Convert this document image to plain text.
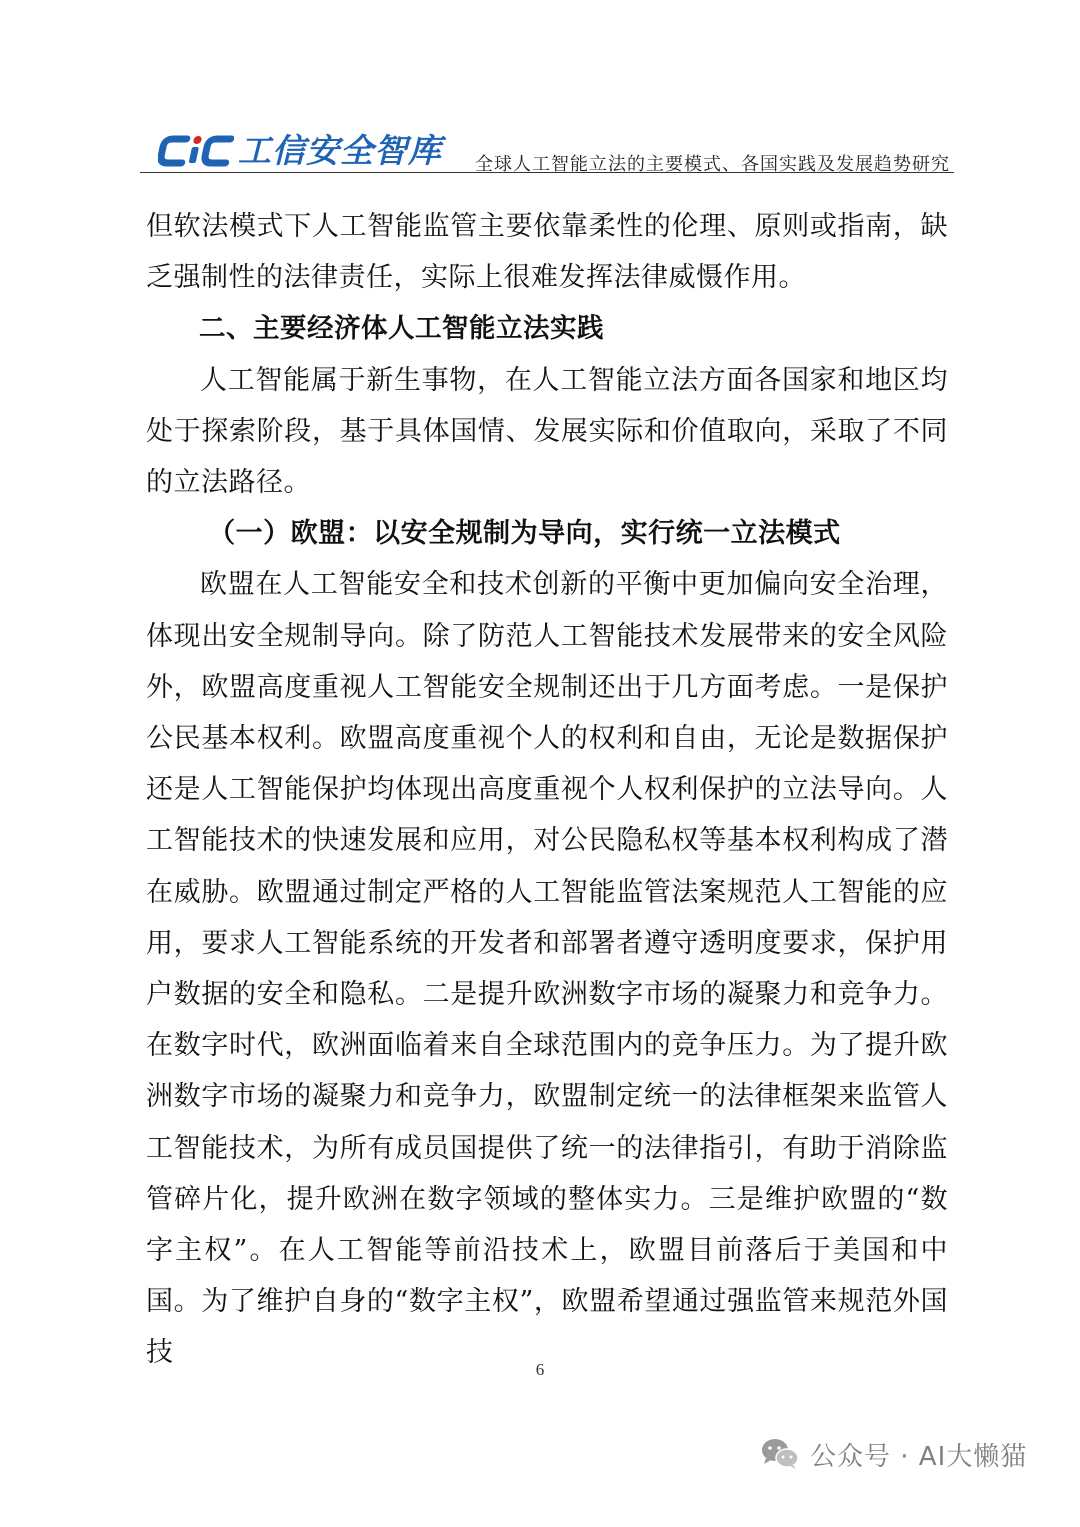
工信安全智库 全球人工智能立法的主要模式、各国实践及发展趋势研究

但软法模式下人工智能监管主要依靠柔性的伦理、原则或指南，缺乏强制性的法律责任，实际上很难发挥法律威慑作用。

二、主要经济体人工智能立法实践

人工智能属于新生事物，在人工智能立法方面各国家和地区均处于探索阶段，基于具体国情、发展实际和价值取向，采取了不同的立法路径。

（一）欧盟：以安全规制为导向，实行统一立法模式

欧盟在人工智能安全和技术创新的平衡中更加偏向安全治理，体现出安全规制导向。除了防范人工智能技术发展带来的安全风险外，欧盟高度重视人工智能安全规制还出于几方面考虑。一是保护公民基本权利。欧盟高度重视个人的权利和自由，无论是数据保护还是人工智能保护均体现出高度重视个人权利保护的立法导向。人工智能技术的快速发展和应用，对公民隐私权等基本权利构成了潜在威胁。欧盟通过制定严格的人工智能监管法案规范人工智能的应用，要求人工智能系统的开发者和部署者遵守透明度要求，保护用户数据的安全和隐私。二是提升欧洲数字市场的凝聚力和竞争力。在数字时代，欧洲面临着来自全球范围内的竞争压力。为了提升欧洲数字市场的凝聚力和竞争力，欧盟制定统一的法律框架来监管人工智能技术，为所有成员国提供了统一的法律指引，有助于消除监管碎片化，提升欧洲在数字领域的整体实力。三是维护欧盟的“数字主权”。在人工智能等前沿技术上，欧盟目前落后于美国和中国。为了维护自身的“数字主权”，欧盟希望通过强监管来规范外国技

6
公众号 · AI大懒猫
